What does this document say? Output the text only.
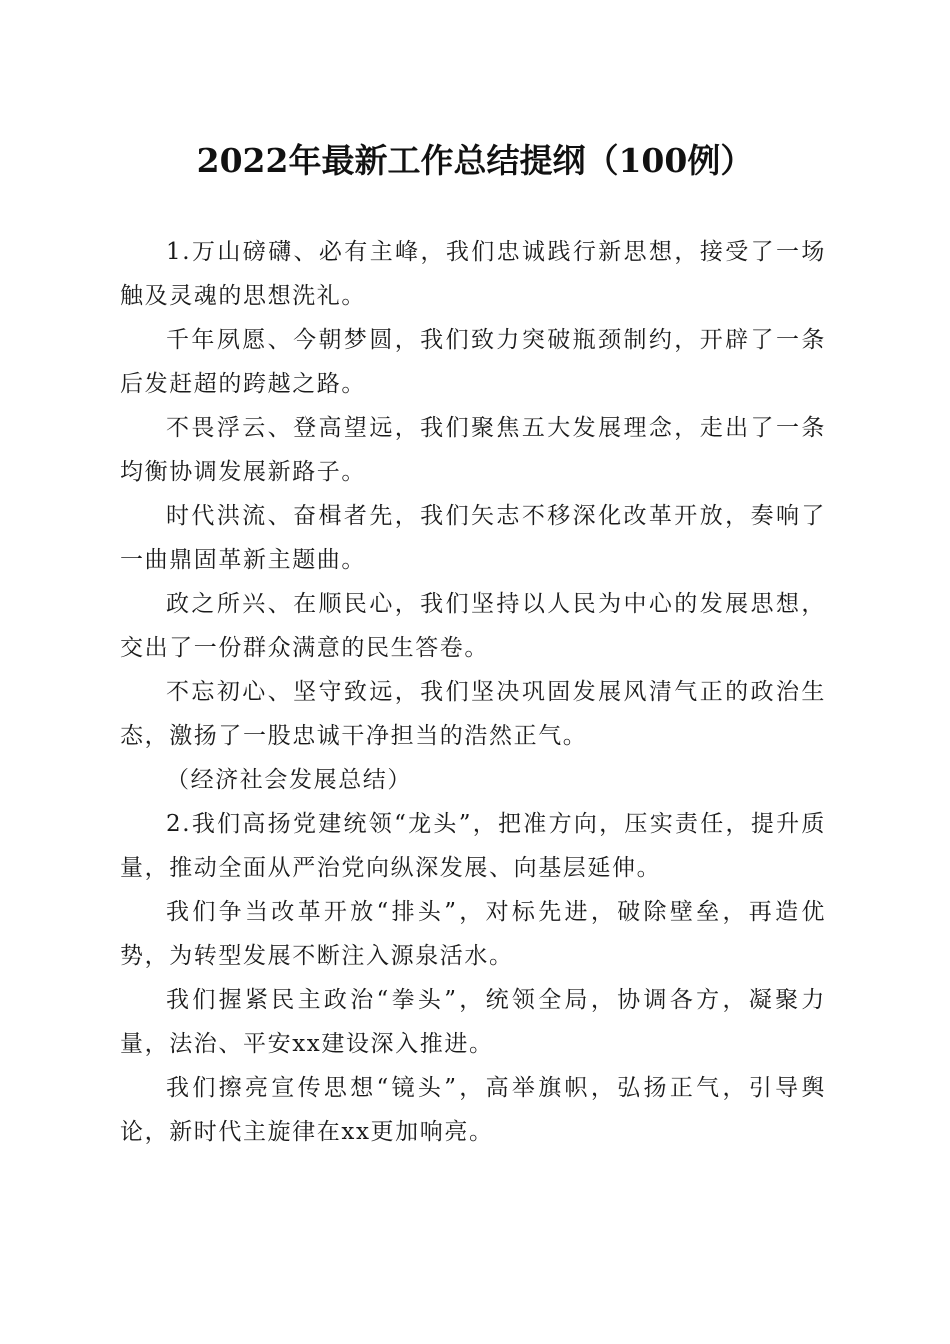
2022年最新工作总结提纲（100例）

1.万山磅礴、必有主峰，我们忠诚践行新思想，接受了一场触及灵魂的思想洗礼。

千年夙愿、今朝梦圆，我们致力突破瓶颈制约，开辟了一条后发赶超的跨越之路。

不畏浮云、登高望远，我们聚焦五大发展理念，走出了一条均衡协调发展新路子。

时代洪流、奋楫者先，我们矢志不移深化改革开放，奏响了一曲鼎固革新主题曲。

政之所兴、在顺民心，我们坚持以人民为中心的发展思想，交出了一份群众满意的民生答卷。

不忘初心、坚守致远，我们坚决巩固发展风清气正的政治生态，激扬了一股忠诚干净担当的浩然正气。

（经济社会发展总结）

2.我们高扬党建统领“龙头”，把准方向，压实责任，提升质量，推动全面从严治党向纵深发展、向基层延伸。

我们争当改革开放“排头”，对标先进，破除壁垒，再造优势，为转型发展不断注入源泉活水。

我们握紧民主政治“拳头”，统领全局，协调各方，凝聚力量，法治、平安xx建设深入推进。

我们擦亮宣传思想“镜头”，高举旗帜，弘扬正气，引导舆论，新时代主旋律在xx更加响亮。
